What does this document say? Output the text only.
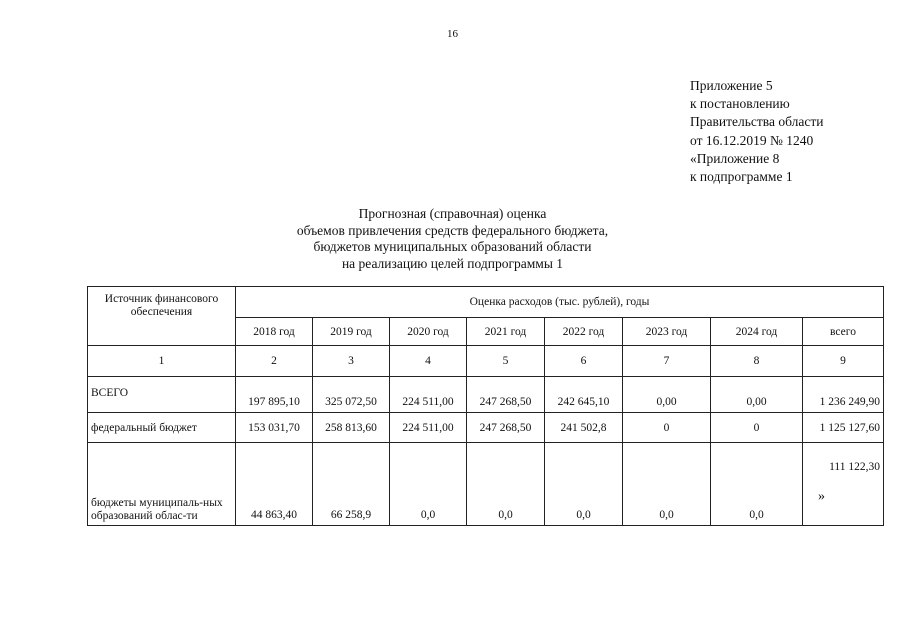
16
Приложение 5
к постановлению
Правительства области
от 16.12.2019 № 1240
«Приложение 8
к подпрограмме 1
Прогнозная (справочная) оценка
объемов привлечения средств федерального бюджета,
бюджетов муниципальных образований области
на реализацию целей подпрограммы 1
Источник финансового обеспечения	Оценка расходов (тыс. рублей), годы							
	2018 год	2019 год	2020 год	2021 год	2022 год	2023 год	2024 год	всего
1	2	3	4	5	6	7	8	9
ВСЕГО	197 895,10	325 072,50	224 511,00	247 268,50	242 645,10	0,00	0,00	1 236 249,90
федеральный бюджет	153 031,70	258 813,60	224 511,00	247 268,50	241 502,8	0	0	1 125 127,60
бюджеты муниципаль-ных образований облас-ти	44 863,40	66 258,9	0,0	0,0	0,0	0,0	0,0	111 122,30
»
